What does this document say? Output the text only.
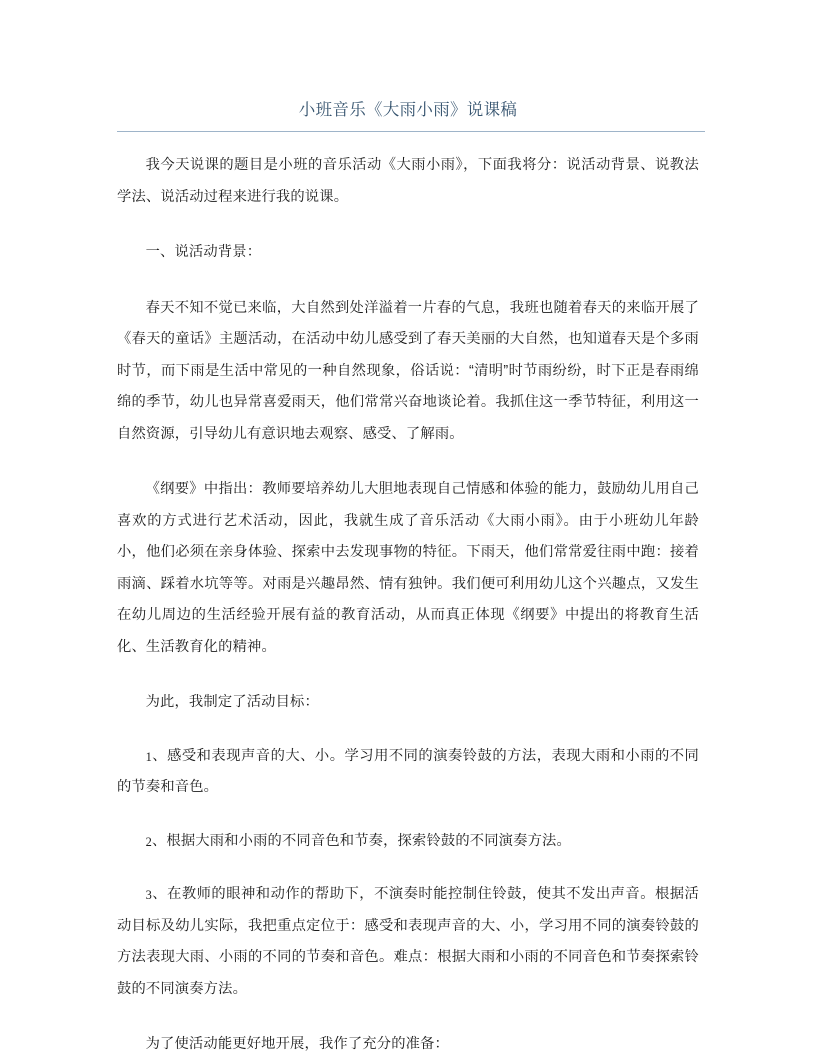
小班音乐《大雨小雨》说课稿

我今天说课的题目是小班的音乐活动《大雨小雨》，下面我将分：说活动背景、说教法学法、说活动过程来进行我的说课。

一、说活动背景：

春天不知不觉已来临，大自然到处洋溢着一片春的气息，我班也随着春天的来临开展了《春天的童话》主题活动，在活动中幼儿感受到了春天美丽的大自然，也知道春天是个多雨时节，而下雨是生活中常见的一种自然现象，俗话说：“清明”时节雨纷纷，时下正是春雨绵绵的季节，幼儿也异常喜爱雨天，他们常常兴奋地谈论着。我抓住这一季节特征，利用这一自然资源，引导幼儿有意识地去观察、感受、了解雨。

《纲要》中指出：教师要培养幼儿大胆地表现自己情感和体验的能力，鼓励幼儿用自己喜欢的方式进行艺术活动，因此，我就生成了音乐活动《大雨小雨》。由于小班幼儿年龄小，他们必须在亲身体验、探索中去发现事物的特征。下雨天，他们常常爱往雨中跑：接着雨滴、踩着水坑等等。对雨是兴趣昂然、情有独钟。我们便可利用幼儿这个兴趣点，又发生在幼儿周边的生活经验开展有益的教育活动，从而真正体现《纲要》中提出的将教育生活化、生活教育化的精神。

为此，我制定了活动目标：

1、感受和表现声音的大、小。学习用不同的演奏铃鼓的方法，表现大雨和小雨的不同的节奏和音色。

2、根据大雨和小雨的不同音色和节奏，探索铃鼓的不同演奏方法。

3、在教师的眼神和动作的帮助下，不演奏时能控制住铃鼓，使其不发出声音。根据活动目标及幼儿实际，我把重点定位于：感受和表现声音的大、小，学习用不同的演奏铃鼓的方法表现大雨、小雨的不同的节奏和音色。难点：根据大雨和小雨的不同音色和节奏探索铃鼓的不同演奏方法。

为了使活动能更好地开展，我作了充分的准备：
